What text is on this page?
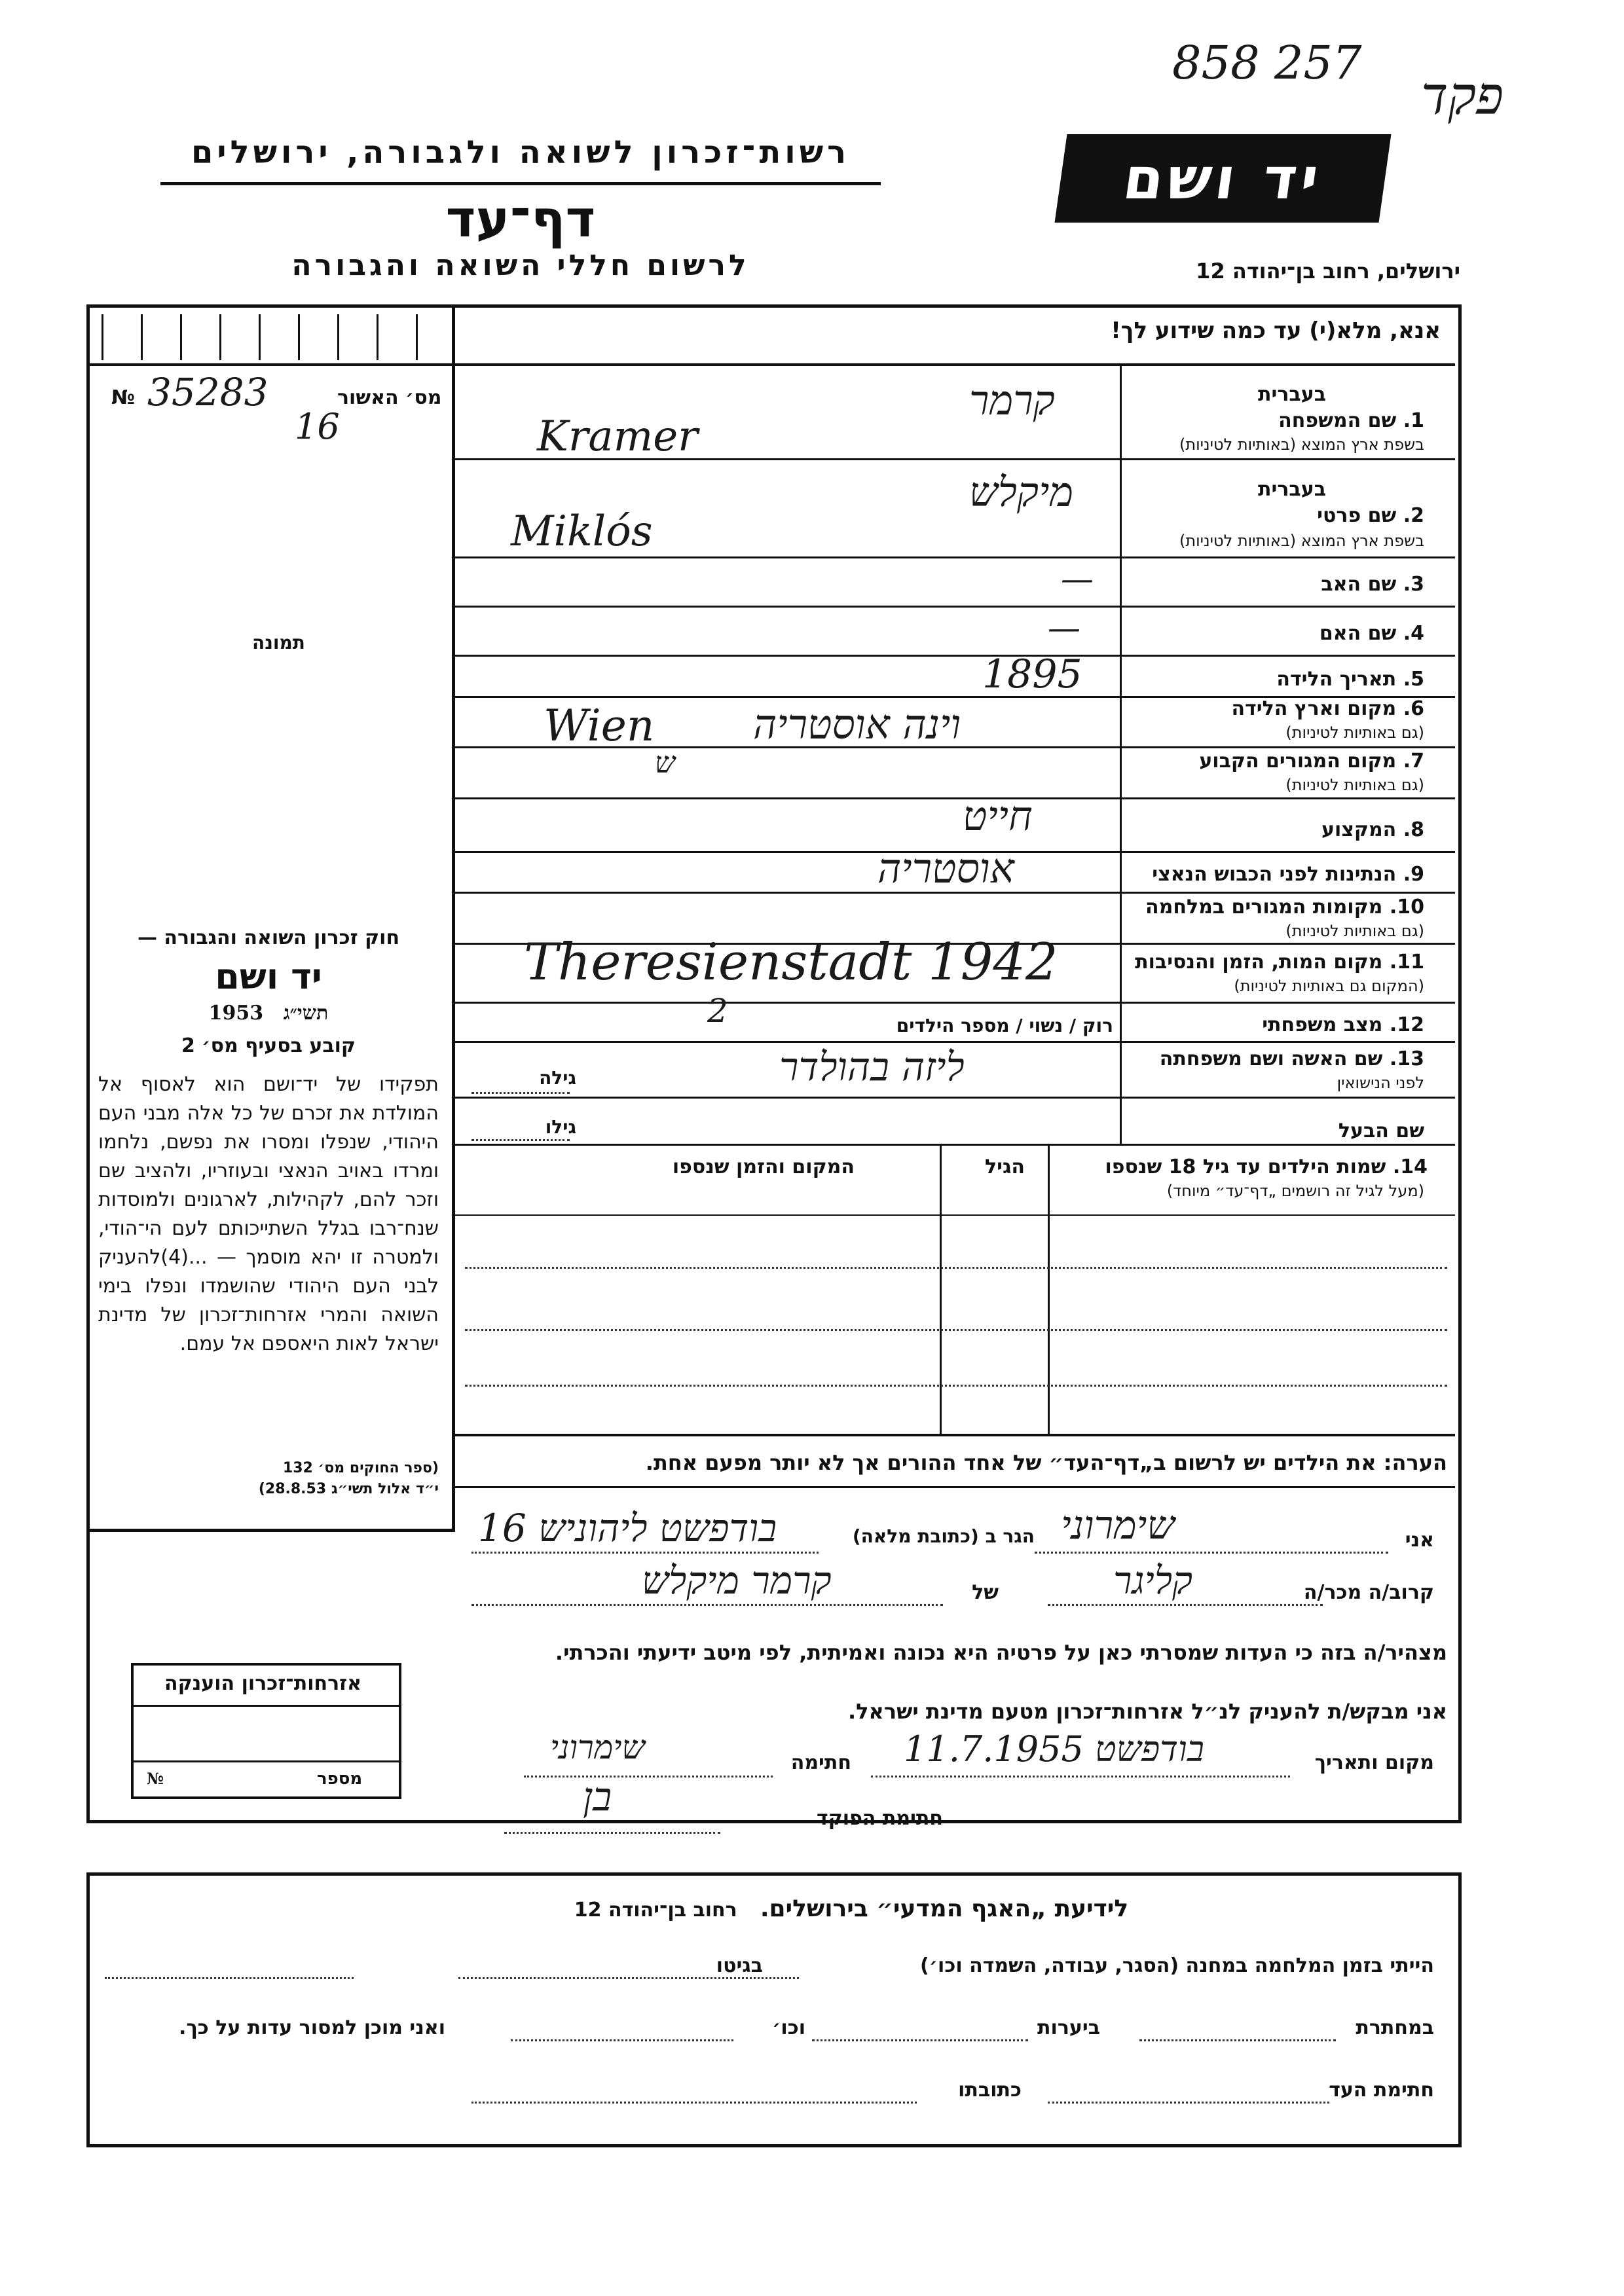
858 257
פקד
רשות־זכרון לשואה ולגבורה, ירושלים
דף־עד
לרשום חללי השואה והגבורה
יד ושם
ירושלים, רחוב בן־יהודה 12
אנא, מלא(י) עד כמה שידוע לך!
№ 35283
16
מס׳ האשור
תמונה
חוק זכרון השואה והגבורה —
יד ושם
1953 תשי״ג
קובע בסעיף מס׳ 2
תפקידו של יד־ושם הוא לאסוף אל המולדת את זכרם של כל אלה מבני העם היהודי, שנפלו ומסרו את נפשם, נלחמו ומרדו באויב הנאצי ובעוזריו, ולהציב שם וזכר להם, לקהילות, לארגונים ולמוסדות שנח־רבו בגלל השתייכותם לעם הי־הודי, ולמטרה זו יהא מוסמך — ...(4)להעניק לבני העם היהודי שהושמדו ונפלו בימי השואה והמרי אזרחות־זכרון של מדינת ישראל לאות היאספם אל עמם.
(ספר החוקים מס׳ 132
י״ד אלול תשי״ג 28.8.53)
1. שם המשפחה
בשפת ארץ המוצא (באותיות לטיניות)
בעברית
קרמר
Kramer
2. שם פרטי
בשפת ארץ המוצא (באותיות לטיניות)
בעברית
מיקלש
Miklós
3. שם האב
—
4. שם האם
—
5. תאריך הלידה
1895
6. מקום וארץ הלידה
(גם באותיות לטיניות)
וינה אוסטריה
Wien
7. מקום המגורים הקבוע
(גם באותיות לטיניות)
ש
8. המקצוע
חייט
9. הנתינות לפני הכבוש הנאצי
אוסטריה
10. מקומות המגורים במלחמה
(גם באותיות לטיניות)
11. מקום המות, הזמן והנסיבות
(המקום גם באותיות לטיניות)
Theresienstadt 1942
12. מצב משפחתי
רוק / נשוי / מספר הילדים
2
13. שם האשה ושם משפחתה
לפני הנישואין
ליזה בהולדר
גילה
שם הבעל
גילו
14. שמות הילדים עד גיל 18 שנספו
(מעל לגיל זה רושמים „דף־עד״ מיוחד)
הגיל
המקום והזמן שנספו
הערה: את הילדים יש לרשום ב„דף־העד״ של אחד ההורים אך לא יותר מפעם אחת.
אני
שימרוני
הגר ב (כתובת מלאה)
בודפשט ליהוניש 16
קרוב/ה מכר/ה
קליגר
של
קרמר מיקלש
מצהיר/ה בזה כי העדות שמסרתי כאן על פרטיה היא נכונה ואמיתית, לפי מיטב ידיעתי והכרתי.
אני מבקש/ת להעניק לנ״ל אזרחות־זכרון מטעם מדינת ישראל.
מקום ותאריך
בודפשט 11.7.1955
חתימה
שימרוני
חתימת הפוקד
בן
אזרחות־זכרון הוענקה
№	מספר
לידיעת „האגף המדעי״ בירושלים. רחוב בן־יהודה 12
הייתי בזמן המלחמה במחנה (הסגר, עבודה, השמדה וכו׳)
בגיטו
במחתרת
ביערות
וכו׳
ואני מוכן למסור עדות על כך.
חתימת העד
כתובתו
